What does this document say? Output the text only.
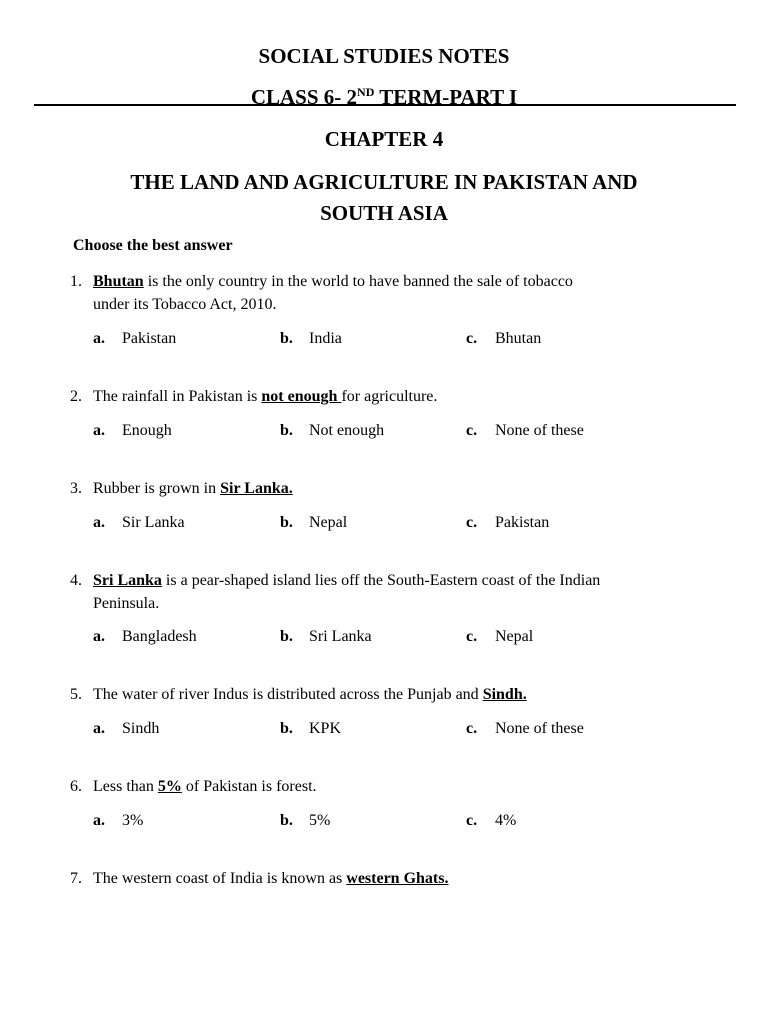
SOCIAL STUDIES NOTES

CLASS 6- 2ND TERM-PART I

CHAPTER 4

THE LAND AND AGRICULTURE IN PAKISTAN AND
SOUTH ASIA

Choose the best answer

1. Bhutan is the only country in the world to have banned the sale of tobacco
under its Tobacco Act, 2010.
a. Pakistan	b. India	c. Bhutan
2. The rainfall in Pakistan is not enough for agriculture.
a. Enough	b. Not enough	c. None of these
3. Rubber is grown in Sir Lanka.
a. Sir Lanka	b. Nepal	c. Pakistan
4. Sri Lanka is a pear-shaped island lies off the South-Eastern coast of the Indian
Peninsula.
a. Bangladesh	b. Sri Lanka	c. Nepal
5. The water of river Indus is distributed across the Punjab and Sindh.
a. Sindh	b. KPK	c. None of these
6. Less than 5% of Pakistan is forest.
a. 3%	b. 5%	c. 4%
7. The western coast of India is known as western Ghats.
